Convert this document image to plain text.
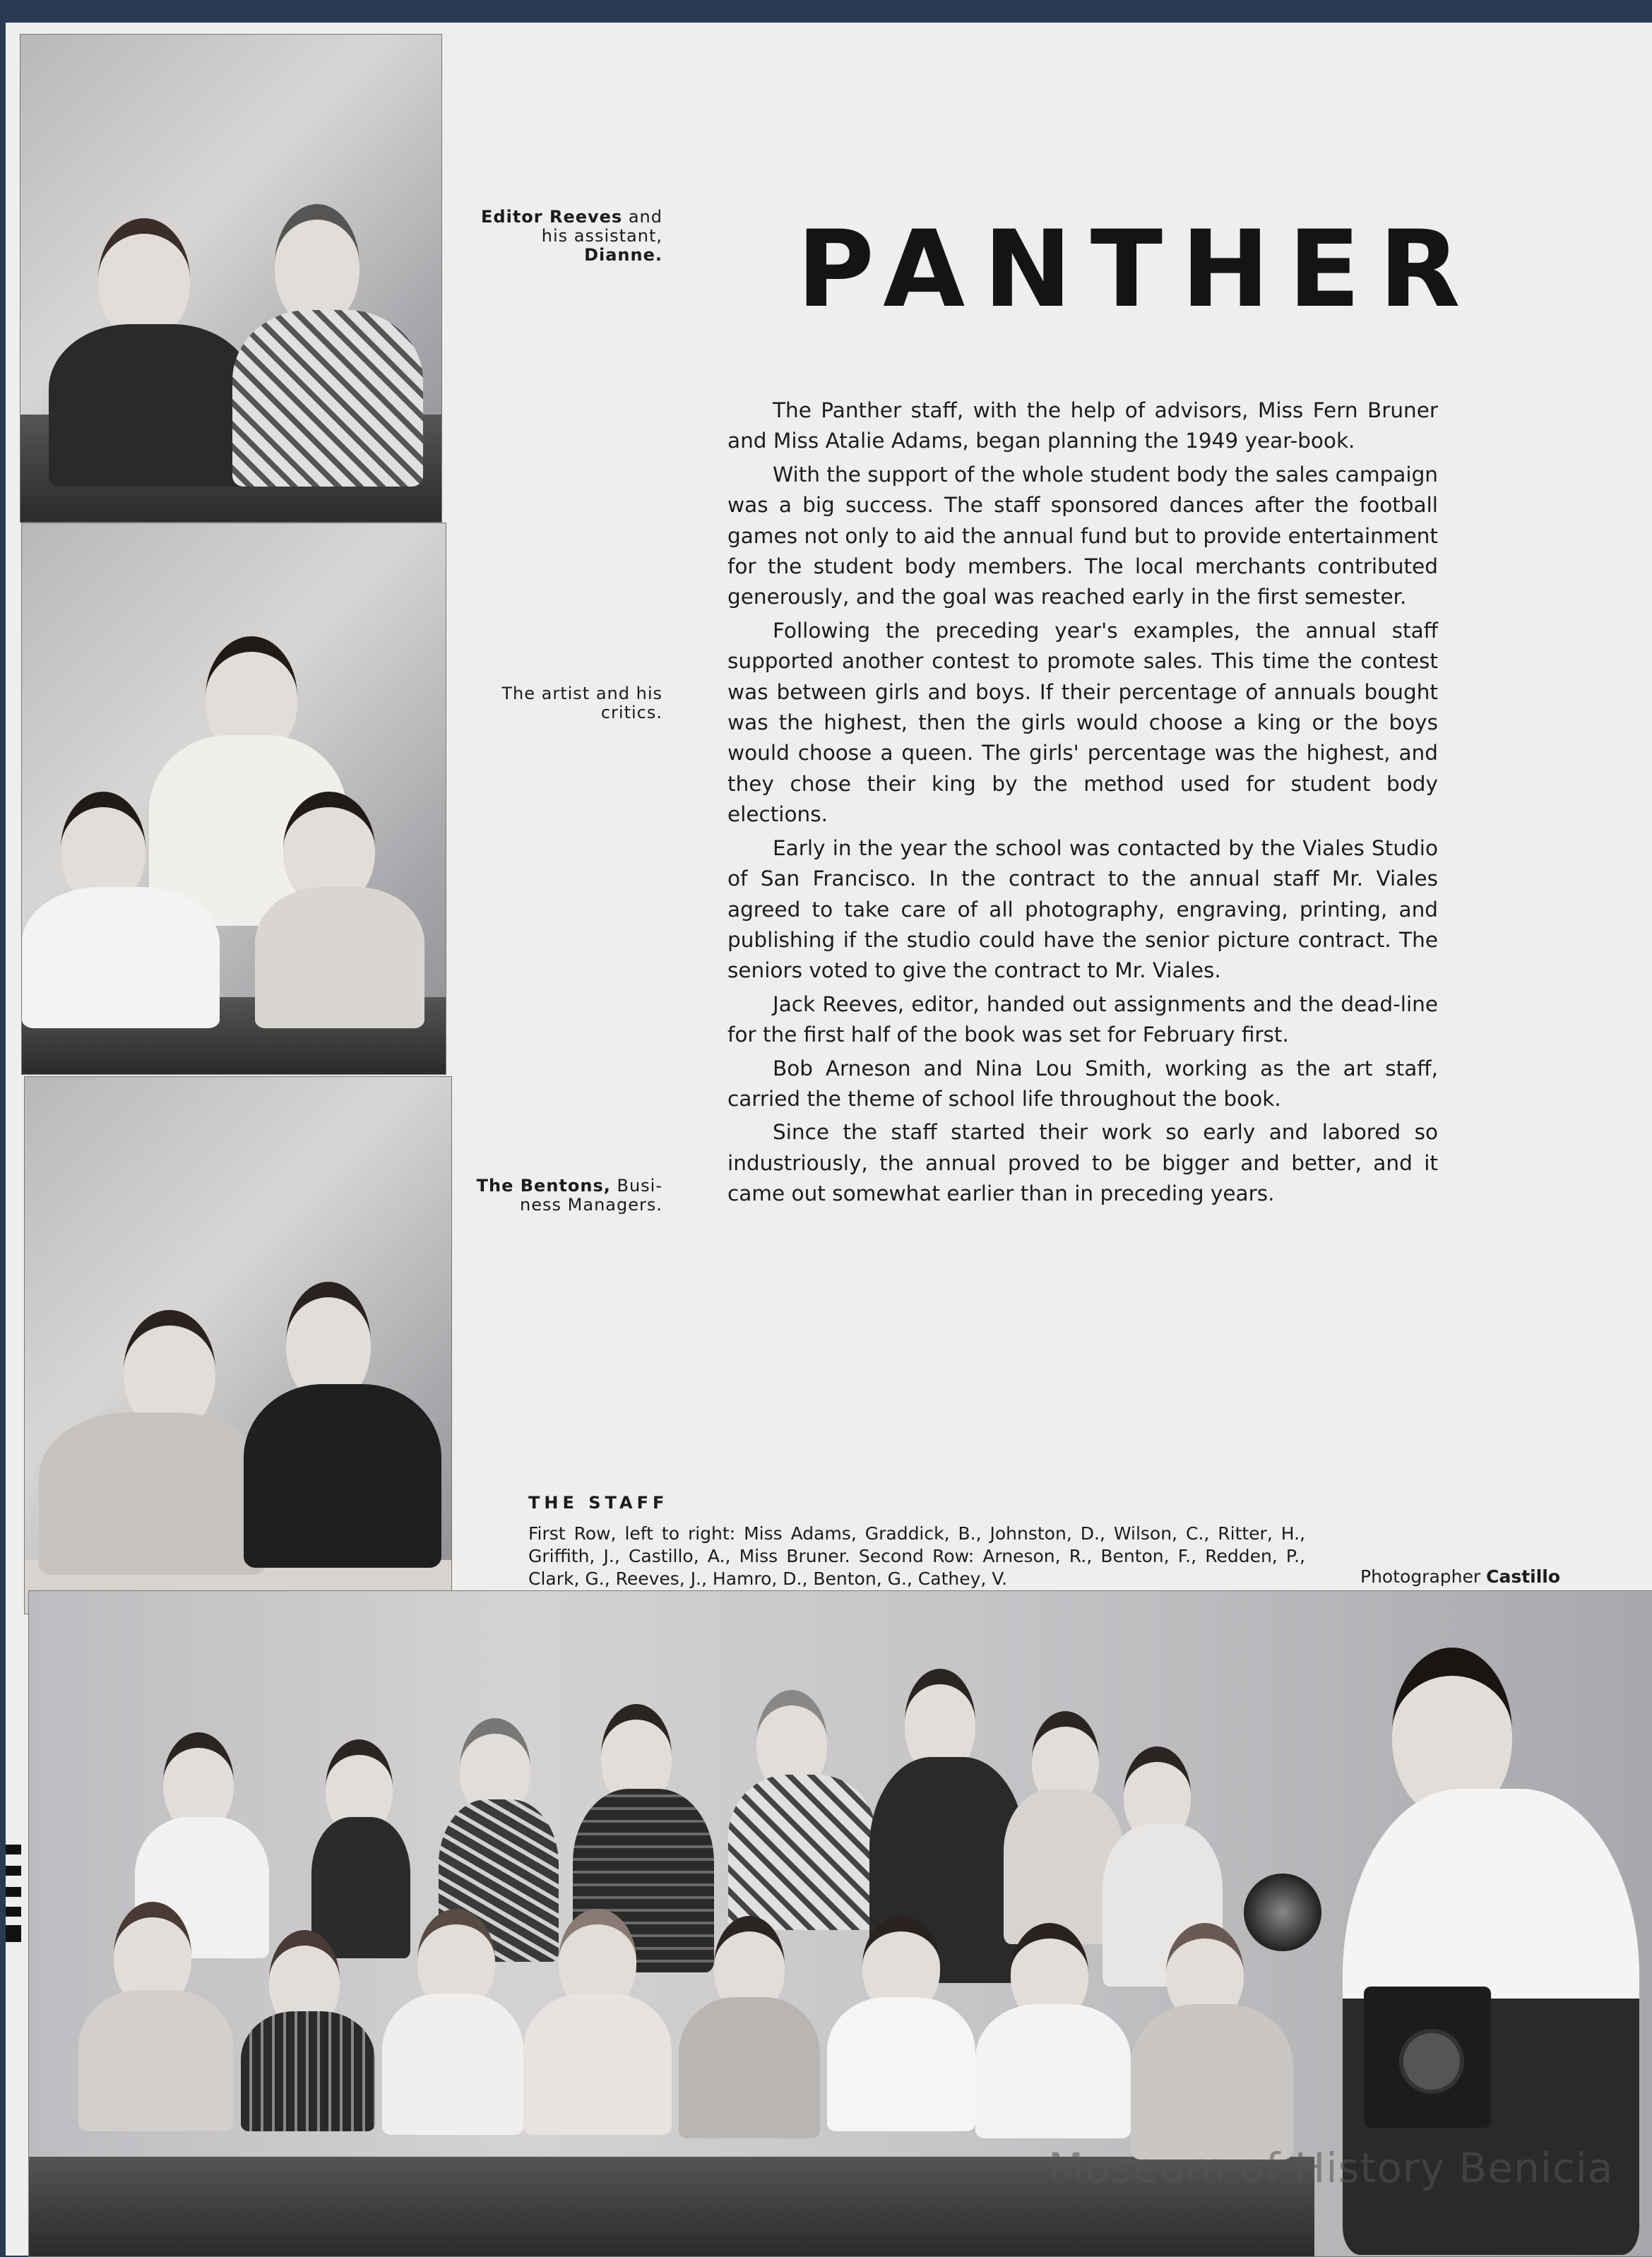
Editor Reeves and
his assistant,
Dianne.
The artist and his
critics.
The Bentons, Busi-
ness Managers.
PANTHER

The Panther staff, with the help of advisors, Miss Fern Bruner and Miss Atalie Adams, began planning the 1949 year-book.

With the support of the whole student body the sales campaign was a big success. The staff sponsored dances after the football games not only to aid the annual fund but to provide entertainment for the student body members. The local merchants contributed generously, and the goal was reached early in the first semester.

Following the preceding year's examples, the annual staff supported another contest to promote sales. This time the contest was between girls and boys. If their percentage of annuals bought was the highest, then the girls would choose a king or the boys would choose a queen. The girls' percentage was the highest, and they chose their king by the method used for student body elections.

Early in the year the school was contacted by the Viales Studio of San Francisco. In the contract to the annual staff Mr. Viales agreed to take care of all photography, engraving, printing, and publishing if the studio could have the senior picture contract. The seniors voted to give the contract to Mr. Viales.

Jack Reeves, editor, handed out assignments and the dead-line for the first half of the book was set for February first.

Bob Arneson and Nina Lou Smith, working as the art staff, carried the theme of school life throughout the book.

Since the staff started their work so early and labored so industriously, the annual proved to be bigger and better, and it came out somewhat earlier than in preceding years.

THE STAFF
First Row, left to right: Miss Adams, Graddick, B., Johnston, D., Wilson, C., Ritter, H., Griffith, J., Castillo, A., Miss Bruner. Second Row: Arneson, R., Benton, F., Redden, P., Clark, G., Reeves, J., Hamro, D., Benton, G., Cathey, V.	Photographer Castillo
Museum of History Benicia
